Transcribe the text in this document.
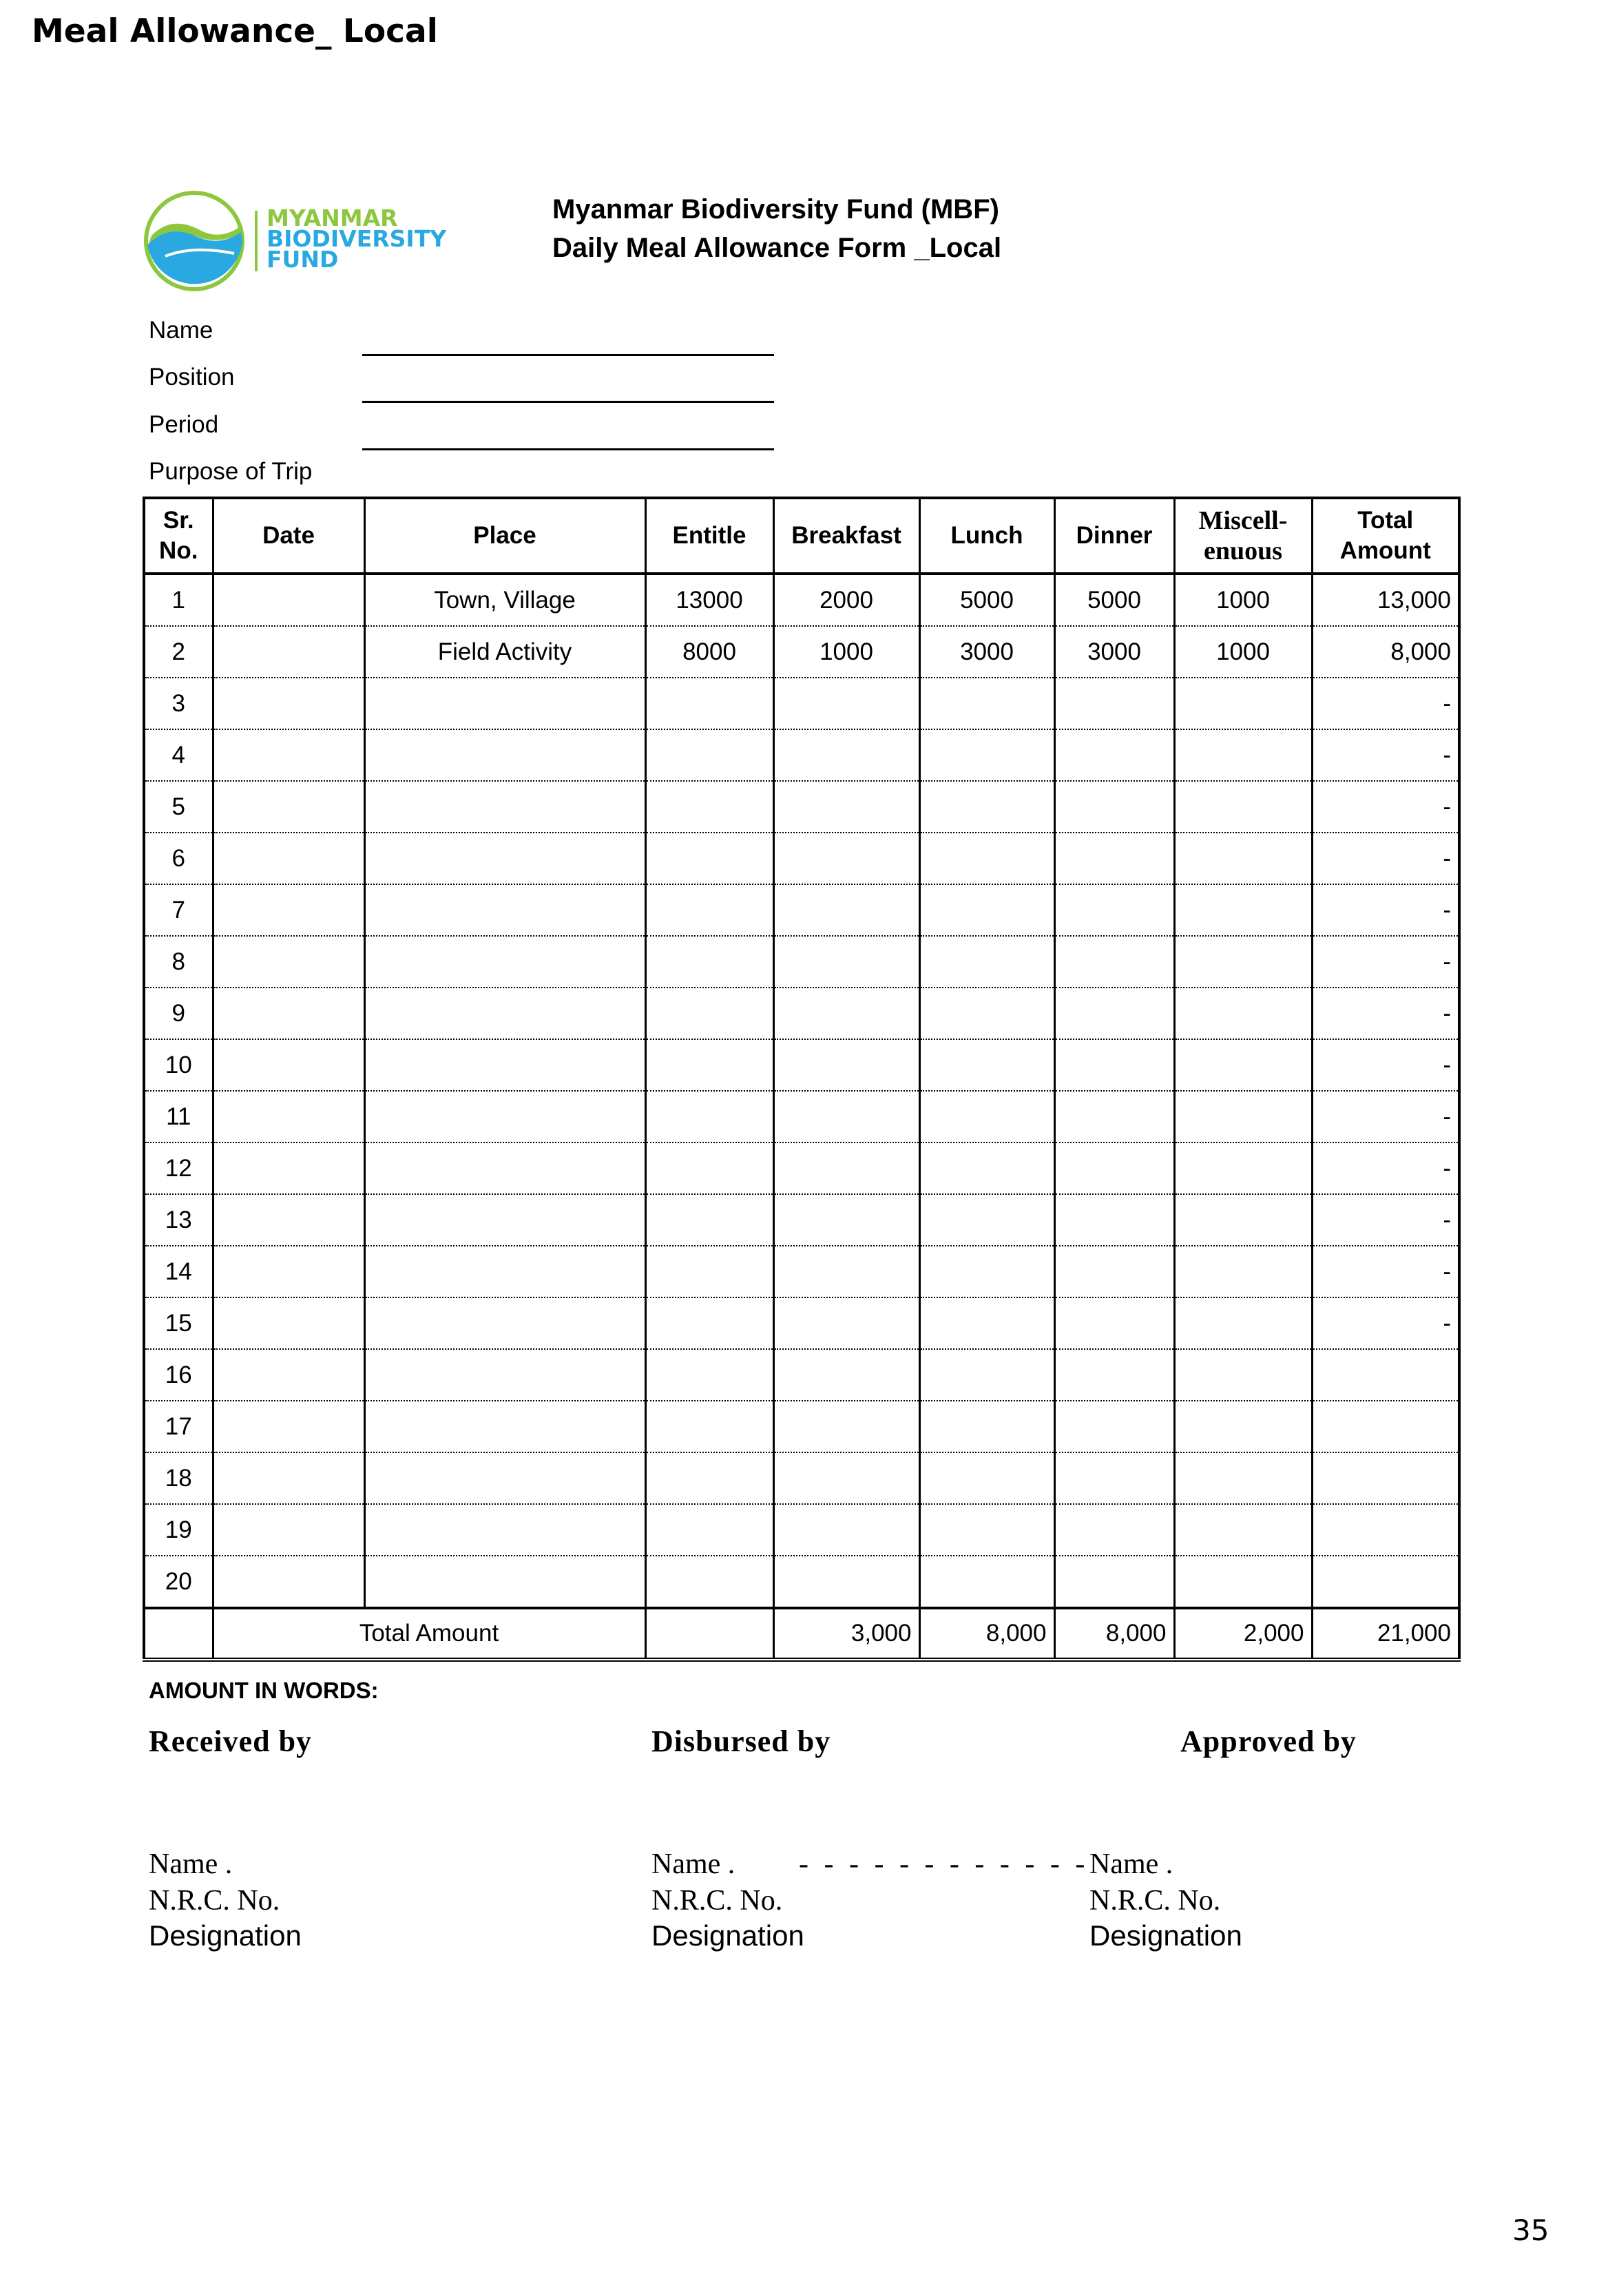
Meal Allowance_ Local
MYANMAR
BIODIVERSITY
FUND
Myanmar Biodiversity Fund (MBF)
Daily Meal Allowance Form _Local
Name
Position
Period
Purpose of Trip
Sr. No.	Date	Place	Entitle	Breakfast	Lunch	Dinner	Miscell- enuous	Total Amount
1		Town, Village	13000	2000	5000	5000	1000	13,000
2		Field Activity	8000	1000	3000	3000	1000	8,000
3								-
4								-
5								-
6								-
7								-
8								-
9								-
10								-
11								-
12								-
13								-
14								-
15								-
16								
17								
18								
19								
20								
	Total Amount			3,000	8,000	8,000	2,000	21,000
AMOUNT IN WORDS:
Received by	Disbursed by	Approved by
Name .
N.R.C. No.
Designation
Name . - - - - - - - - - - - -
N.R.C. No.
Designation
Name .
N.R.C. No.
Designation
35
